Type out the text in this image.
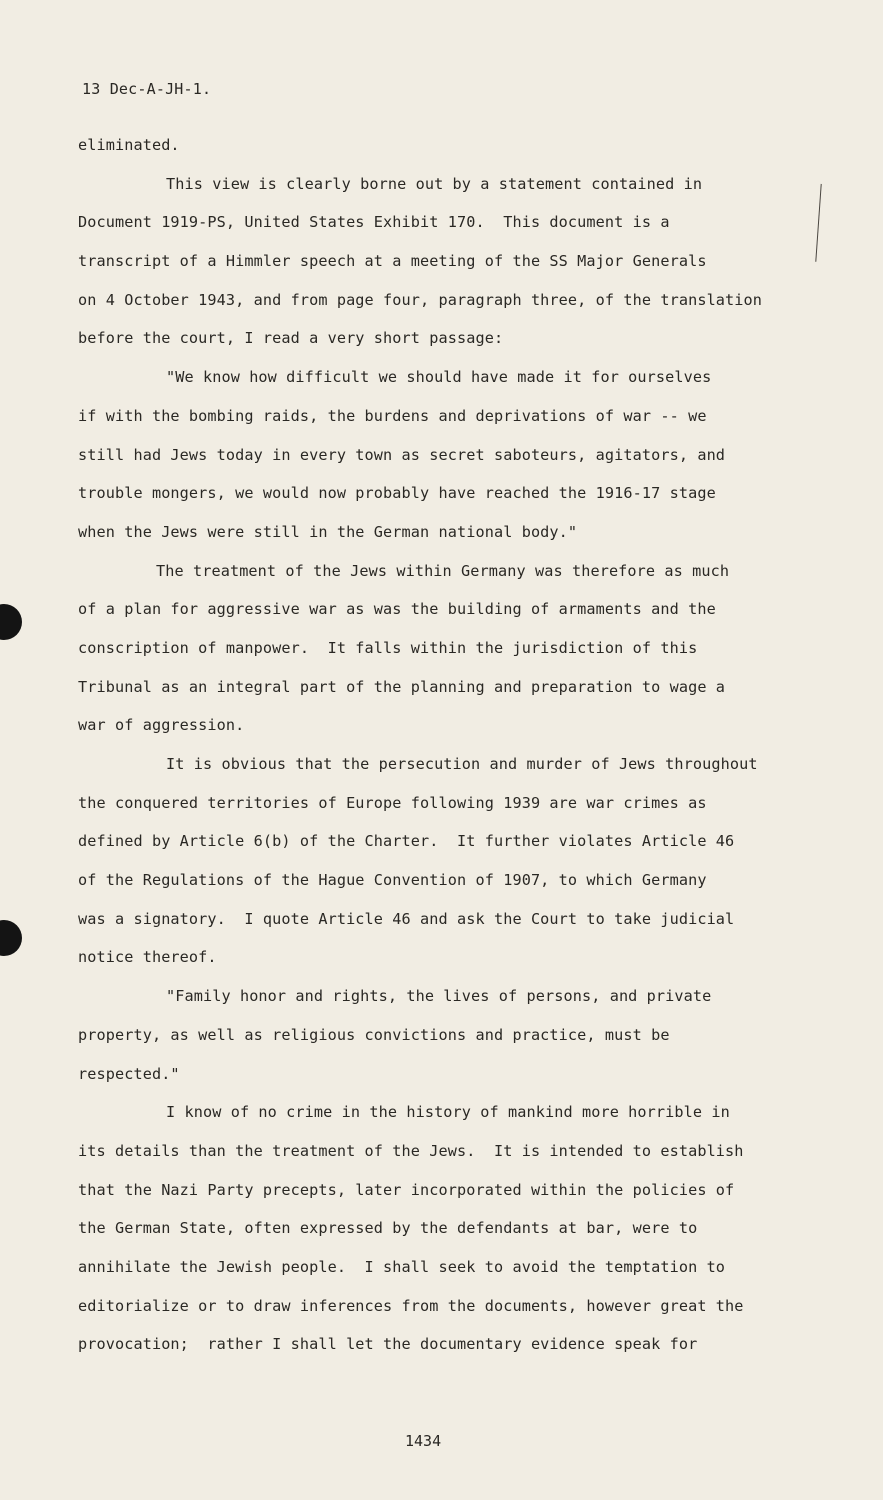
13 Dec-A-JH-1.
eliminated.
This view is clearly borne out by a statement contained in
Document 1919-PS, United States Exhibit 170.  This document is a
transcript of a Himmler speech at a meeting of the SS Major Generals
on 4 October 1943, and from page four, paragraph three, of the translation
before the court, I read a very short passage:
"We know how difficult we should have made it for ourselves
if with the bombing raids, the burdens and deprivations of war -- we
still had Jews today in every town as secret saboteurs, agitators, and
trouble mongers, we would now probably have reached the 1916-17 stage
when the Jews were still in the German national body."
The treatment of the Jews within Germany was therefore as much
of a plan for aggressive war as was the building of armaments and the
conscription of manpower.  It falls within the jurisdiction of this
Tribunal as an integral part of the planning and preparation to wage a
war of aggression.
It is obvious that the persecution and murder of Jews throughout
the conquered territories of Europe following 1939 are war crimes as
defined by Article 6(b) of the Charter.  It further violates Article 46
of the Regulations of the Hague Convention of 1907, to which Germany
was a signatory.  I quote Article 46 and ask the Court to take judicial
notice thereof.
"Family honor and rights, the lives of persons, and private
property, as well as religious convictions and practice, must be
respected."
I know of no crime in the history of mankind more horrible in
its details than the treatment of the Jews.  It is intended to establish
that the Nazi Party precepts, later incorporated within the policies of
the German State, often expressed by the defendants at bar, were to
annihilate the Jewish people.  I shall seek to avoid the temptation to
editorialize or to draw inferences from the documents, however great the
provocation;  rather I shall let the documentary evidence speak for
1434
